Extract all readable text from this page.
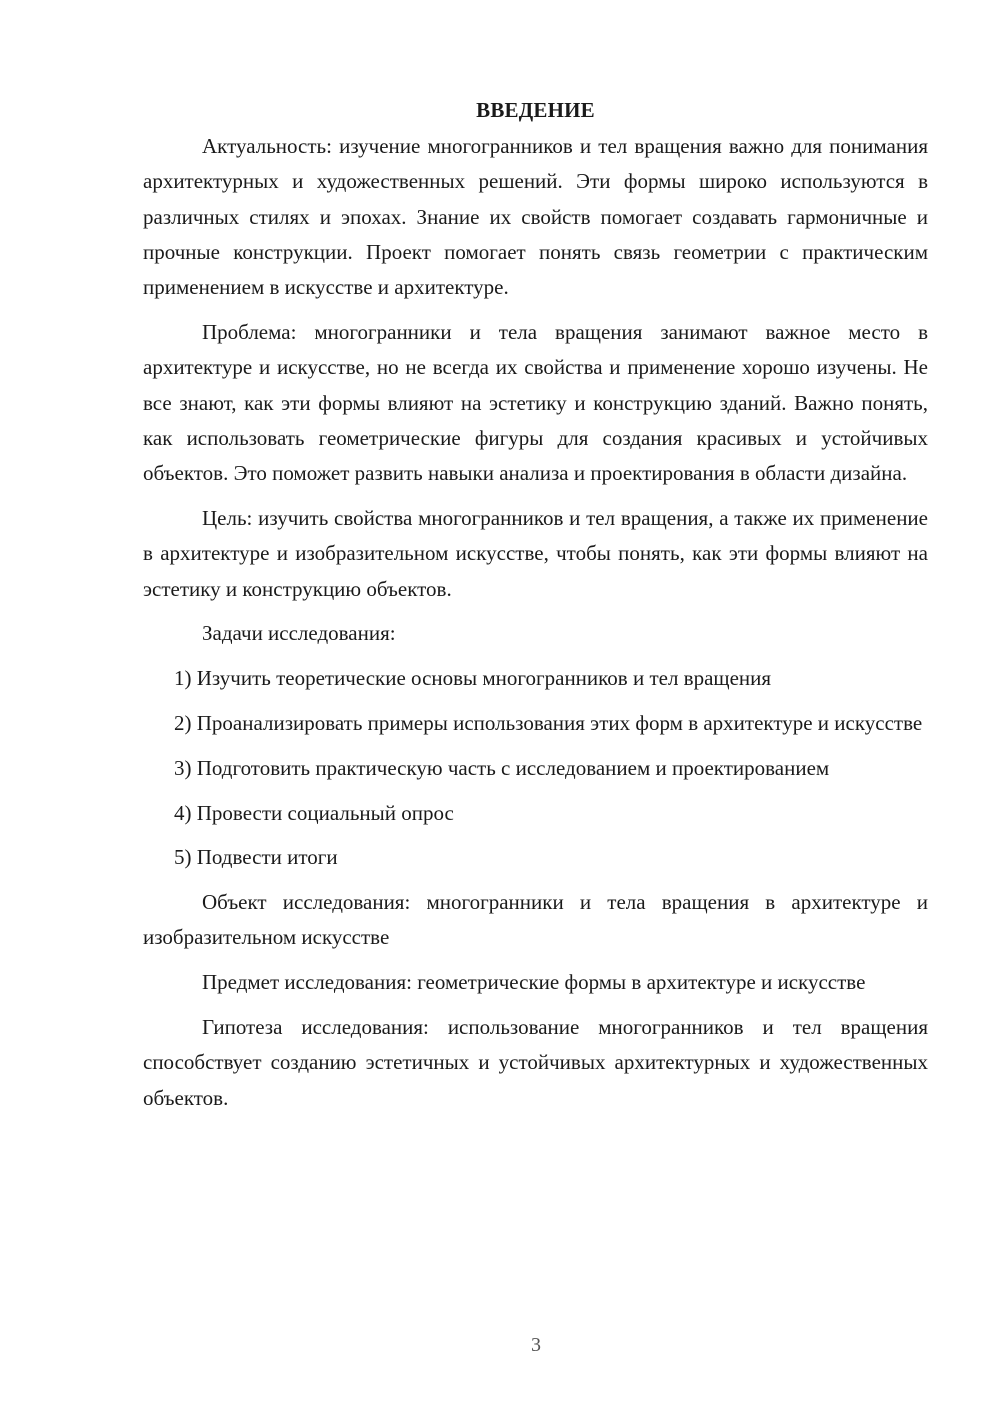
ВВЕДЕНИЕ

Актуальность: изучение многогранников и тел вращения важно для понимания архитектурных и художественных решений. Эти формы широко используются в различных стилях и эпохах. Знание их свойств помогает создавать гармоничные и прочные конструкции. Проект помогает понять связь геометрии с практическим применением в искусстве и архитектуре.

Проблема: многогранники и тела вращения занимают важное место в архитектуре и искусстве, но не всегда их свойства и применение хорошо изучены. Не все знают, как эти формы влияют на эстетику и конструкцию зданий. Важно понять, как использовать геометрические фигуры для создания красивых и устойчивых объектов. Это поможет развить навыки анализа и проектирования в области дизайна.

Цель: изучить свойства многогранников и тел вращения, а также их применение в архитектуре и изобразительном искусстве, чтобы понять, как эти формы влияют на эстетику и конструкцию объектов.

Задачи исследования:

1) Изучить теоретические основы многогранников и тел вращения

2) Проанализировать примеры использования этих форм в архитектуре и искусстве

3) Подготовить практическую часть с исследованием и проектированием

4) Провести социальный опрос

5) Подвести итоги

Объект исследования: многогранники и тела вращения в архитектуре и изобразительном искусстве

Предмет исследования: геометрические формы в архитектуре и искусстве

Гипотеза исследования: использование многогранников и тел вращения способствует созданию эстетичных и устойчивых архитектурных и художественных объектов.

3
